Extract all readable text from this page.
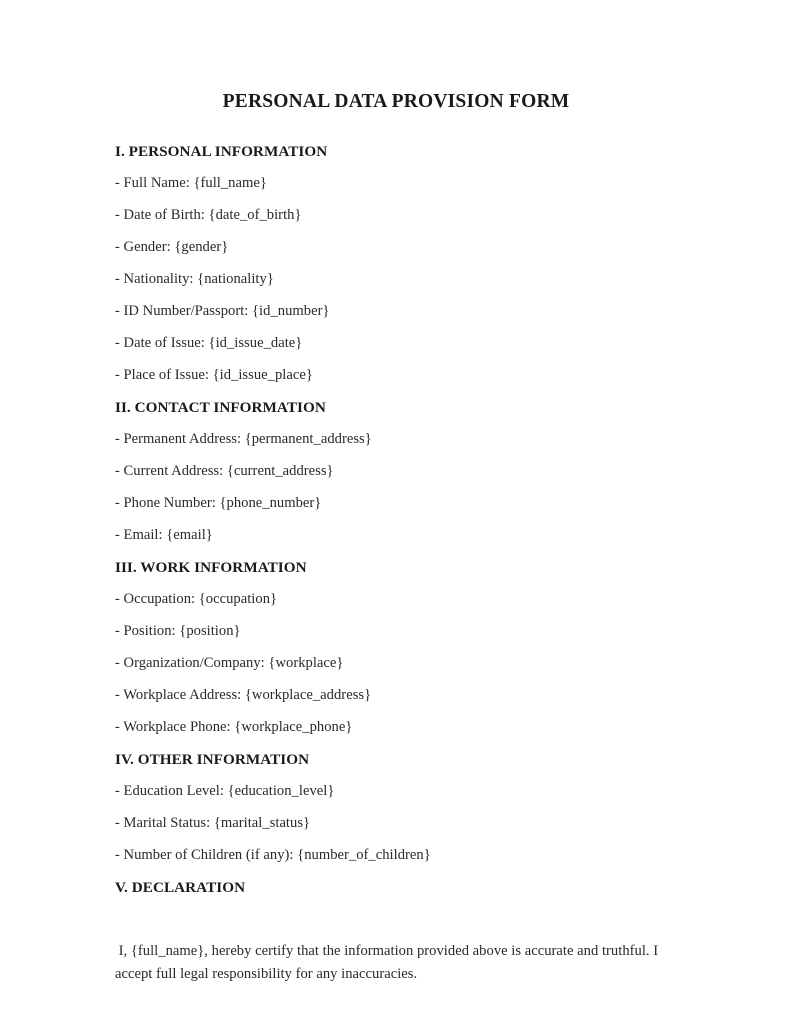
PERSONAL DATA PROVISION FORM
I. PERSONAL INFORMATION

- Full Name: {full_name}

- Date of Birth: {date_of_birth}

- Gender: {gender}

- Nationality: {nationality}

- ID Number/Passport: {id_number}

- Date of Issue: {id_issue_date}

- Place of Issue: {id_issue_place}

II. CONTACT INFORMATION

- Permanent Address: {permanent_address}

- Current Address: {current_address}

- Phone Number: {phone_number}

- Email: {email}

III. WORK INFORMATION

- Occupation: {occupation}

- Position: {position}

- Organization/Company: {workplace}

- Workplace Address: {workplace_address}

- Workplace Phone: {workplace_phone}

IV. OTHER INFORMATION

- Education Level: {education_level}

- Marital Status: {marital_status}

- Number of Children (if any): {number_of_children}

V. DECLARATION

I, {full_name}, hereby certify that the information provided above is accurate and truthful. I accept full legal responsibility for any inaccuracies.
